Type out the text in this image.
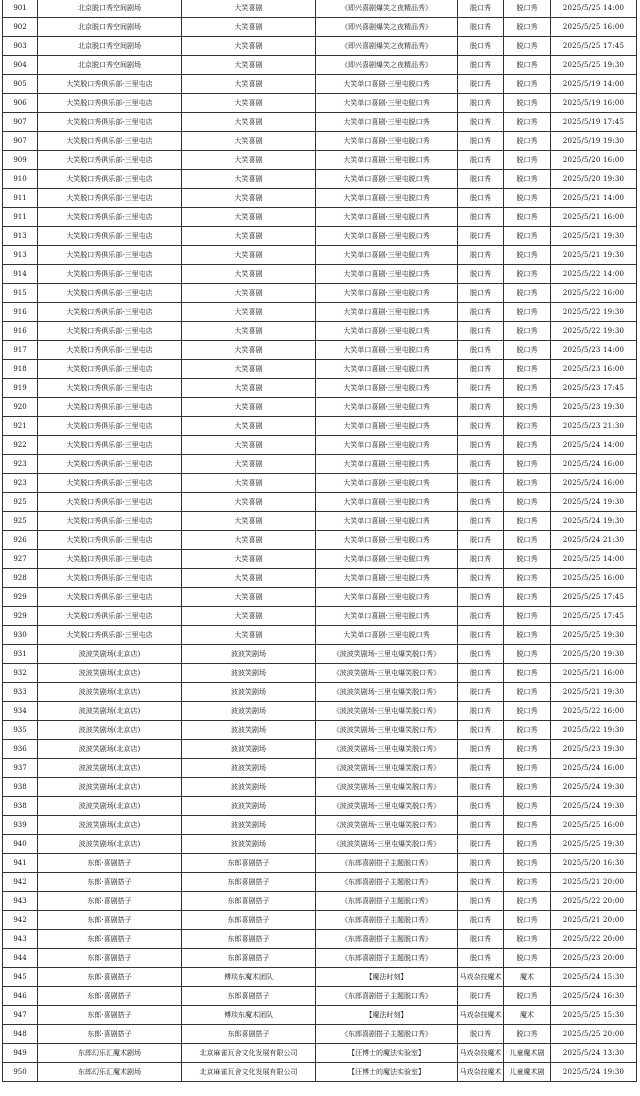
901	北京脱口秀空间剧场	大笑喜剧	《即兴喜剧爆笑之夜精品秀》	脱口秀	脱口秀	2025/5/25 14:00
902	北京脱口秀空间剧场	大笑喜剧	《即兴喜剧爆笑之夜精品秀》	脱口秀	脱口秀	2025/5/25 16:00
903	北京脱口秀空间剧场	大笑喜剧	《即兴喜剧爆笑之夜精品秀》	脱口秀	脱口秀	2025/5/25 17:45
904	北京脱口秀空间剧场	大笑喜剧	《即兴喜剧爆笑之夜精品秀》	脱口秀	脱口秀	2025/5/25 19:30
905	大笑脱口秀俱乐部-三里屯店	大笑喜剧	大笑单口喜剧·三里屯脱口秀	脱口秀	脱口秀	2025/5/19 14:00
906	大笑脱口秀俱乐部-三里屯店	大笑喜剧	大笑单口喜剧·三里屯脱口秀	脱口秀	脱口秀	2025/5/19 16:00
907	大笑脱口秀俱乐部-三里屯店	大笑喜剧	大笑单口喜剧·三里屯脱口秀	脱口秀	脱口秀	2025/5/19 17:45
907	大笑脱口秀俱乐部-三里屯店	大笑喜剧	大笑单口喜剧·三里屯脱口秀	脱口秀	脱口秀	2025/5/19 19:30
909	大笑脱口秀俱乐部-三里屯店	大笑喜剧	大笑单口喜剧·三里屯脱口秀	脱口秀	脱口秀	2025/5/20 16:00
910	大笑脱口秀俱乐部-三里屯店	大笑喜剧	大笑单口喜剧·三里屯脱口秀	脱口秀	脱口秀	2025/5/20 19:30
911	大笑脱口秀俱乐部-三里屯店	大笑喜剧	大笑单口喜剧·三里屯脱口秀	脱口秀	脱口秀	2025/5/21 14:00
911	大笑脱口秀俱乐部-三里屯店	大笑喜剧	大笑单口喜剧·三里屯脱口秀	脱口秀	脱口秀	2025/5/21 16:00
913	大笑脱口秀俱乐部-三里屯店	大笑喜剧	大笑单口喜剧·三里屯脱口秀	脱口秀	脱口秀	2025/5/21 19:30
913	大笑脱口秀俱乐部-三里屯店	大笑喜剧	大笑单口喜剧·三里屯脱口秀	脱口秀	脱口秀	2025/5/21 19:30
914	大笑脱口秀俱乐部-三里屯店	大笑喜剧	大笑单口喜剧·三里屯脱口秀	脱口秀	脱口秀	2025/5/22 14:00
915	大笑脱口秀俱乐部-三里屯店	大笑喜剧	大笑单口喜剧·三里屯脱口秀	脱口秀	脱口秀	2025/5/22 16:00
916	大笑脱口秀俱乐部-三里屯店	大笑喜剧	大笑单口喜剧·三里屯脱口秀	脱口秀	脱口秀	2025/5/22 19:30
916	大笑脱口秀俱乐部-三里屯店	大笑喜剧	大笑单口喜剧·三里屯脱口秀	脱口秀	脱口秀	2025/5/22 19:30
917	大笑脱口秀俱乐部-三里屯店	大笑喜剧	大笑单口喜剧·三里屯脱口秀	脱口秀	脱口秀	2025/5/23 14:00
918	大笑脱口秀俱乐部-三里屯店	大笑喜剧	大笑单口喜剧·三里屯脱口秀	脱口秀	脱口秀	2025/5/23 16:00
919	大笑脱口秀俱乐部-三里屯店	大笑喜剧	大笑单口喜剧·三里屯脱口秀	脱口秀	脱口秀	2025/5/23 17:45
920	大笑脱口秀俱乐部-三里屯店	大笑喜剧	大笑单口喜剧·三里屯脱口秀	脱口秀	脱口秀	2025/5/23 19:30
921	大笑脱口秀俱乐部-三里屯店	大笑喜剧	大笑单口喜剧·三里屯脱口秀	脱口秀	脱口秀	2025/5/23 21:30
922	大笑脱口秀俱乐部-三里屯店	大笑喜剧	大笑单口喜剧·三里屯脱口秀	脱口秀	脱口秀	2025/5/24 14:00
923	大笑脱口秀俱乐部-三里屯店	大笑喜剧	大笑单口喜剧·三里屯脱口秀	脱口秀	脱口秀	2025/5/24 16:00
923	大笑脱口秀俱乐部-三里屯店	大笑喜剧	大笑单口喜剧·三里屯脱口秀	脱口秀	脱口秀	2025/5/24 16:00
925	大笑脱口秀俱乐部-三里屯店	大笑喜剧	大笑单口喜剧·三里屯脱口秀	脱口秀	脱口秀	2025/5/24 19:30
925	大笑脱口秀俱乐部-三里屯店	大笑喜剧	大笑单口喜剧·三里屯脱口秀	脱口秀	脱口秀	2025/5/24 19:30
926	大笑脱口秀俱乐部-三里屯店	大笑喜剧	大笑单口喜剧·三里屯脱口秀	脱口秀	脱口秀	2025/5/24 21:30
927	大笑脱口秀俱乐部-三里屯店	大笑喜剧	大笑单口喜剧·三里屯脱口秀	脱口秀	脱口秀	2025/5/25 14:00
928	大笑脱口秀俱乐部-三里屯店	大笑喜剧	大笑单口喜剧·三里屯脱口秀	脱口秀	脱口秀	2025/5/25 16:00
929	大笑脱口秀俱乐部-三里屯店	大笑喜剧	大笑单口喜剧·三里屯脱口秀	脱口秀	脱口秀	2025/5/25 17:45
929	大笑脱口秀俱乐部-三里屯店	大笑喜剧	大笑单口喜剧·三里屯脱口秀	脱口秀	脱口秀	2025/5/25 17:45
930	大笑脱口秀俱乐部-三里屯店	大笑喜剧	大笑单口喜剧·三里屯脱口秀	脱口秀	脱口秀	2025/5/25 19:30
931	波波笑剧场(北京店)	波波笑剧场	《波波笑剧场-三里屯爆笑脱口秀》	脱口秀	脱口秀	2025/5/20 19:30
932	波波笑剧场(北京店)	波波笑剧场	《波波笑剧场-三里屯爆笑脱口秀》	脱口秀	脱口秀	2025/5/21 16:00
933	波波笑剧场(北京店)	波波笑剧场	《波波笑剧场-三里屯爆笑脱口秀》	脱口秀	脱口秀	2025/5/21 19:30
934	波波笑剧场(北京店)	波波笑剧场	《波波笑剧场-三里屯爆笑脱口秀》	脱口秀	脱口秀	2025/5/22 16:00
935	波波笑剧场(北京店)	波波笑剧场	《波波笑剧场-三里屯爆笑脱口秀》	脱口秀	脱口秀	2025/5/22 19:30
936	波波笑剧场(北京店)	波波笑剧场	《波波笑剧场-三里屯爆笑脱口秀》	脱口秀	脱口秀	2025/5/23 19:30
937	波波笑剧场(北京店)	波波笑剧场	《波波笑剧场-三里屯爆笑脱口秀》	脱口秀	脱口秀	2025/5/24 16:00
938	波波笑剧场(北京店)	波波笑剧场	《波波笑剧场-三里屯爆笑脱口秀》	脱口秀	脱口秀	2025/5/24 19:30
938	波波笑剧场(北京店)	波波笑剧场	《波波笑剧场-三里屯爆笑脱口秀》	脱口秀	脱口秀	2025/5/24 19:30
939	波波笑剧场(北京店)	波波笑剧场	《波波笑剧场-三里屯爆笑脱口秀》	脱口秀	脱口秀	2025/5/25 16:00
940	波波笑剧场(北京店)	波波笑剧场	《波波笑剧场-三里屯爆笑脱口秀》	脱口秀	脱口秀	2025/5/25 19:30
941	东郎·喜剧搭子	东郎喜剧搭子	《东郎喜剧搭子主题脱口秀》	脱口秀	脱口秀	2025/5/20 16:30
942	东郎·喜剧搭子	东郎喜剧搭子	《东郎喜剧搭子主题脱口秀》	脱口秀	脱口秀	2025/5/21 20:00
943	东郎·喜剧搭子	东郎喜剧搭子	《东郎喜剧搭子主题脱口秀》	脱口秀	脱口秀	2025/5/22 20:00
942	东郎·喜剧搭子	东郎喜剧搭子	《东郎喜剧搭子主题脱口秀》	脱口秀	脱口秀	2025/5/21 20:00
943	东郎·喜剧搭子	东郎喜剧搭子	《东郎喜剧搭子主题脱口秀》	脱口秀	脱口秀	2025/5/22 20:00
944	东郎·喜剧搭子	东郎喜剧搭子	《东郎喜剧搭子主题脱口秀》	脱口秀	脱口秀	2025/5/23 20:00
945	东郎·喜剧搭子	傅琰东魔术团队	【魔法时刻】	马戏杂技魔术	魔术	2025/5/24 15:30
946	东郎·喜剧搭子	东郎喜剧搭子	《东郎喜剧搭子主题脱口秀》	脱口秀	脱口秀	2025/5/24 16:30
947	东郎·喜剧搭子	傅琰东魔术团队	【魔法时刻】	马戏杂技魔术	魔术	2025/5/25 15:30
948	东郎·喜剧搭子	东郎喜剧搭子	《东郎喜剧搭子主题脱口秀》	脱口秀	脱口秀	2025/5/25 20:00
949	东郎幻乐汇魔术剧场	北京麻雀瓦舍文化发展有限公司	【汪博士的魔法实验室】	马戏杂技魔术	儿童魔术剧	2025/5/24 13:30
950	东郎幻乐汇魔术剧场	北京麻雀瓦舍文化发展有限公司	【汪博士的魔法实验室】	马戏杂技魔术	儿童魔术剧	2025/5/24 19:30
